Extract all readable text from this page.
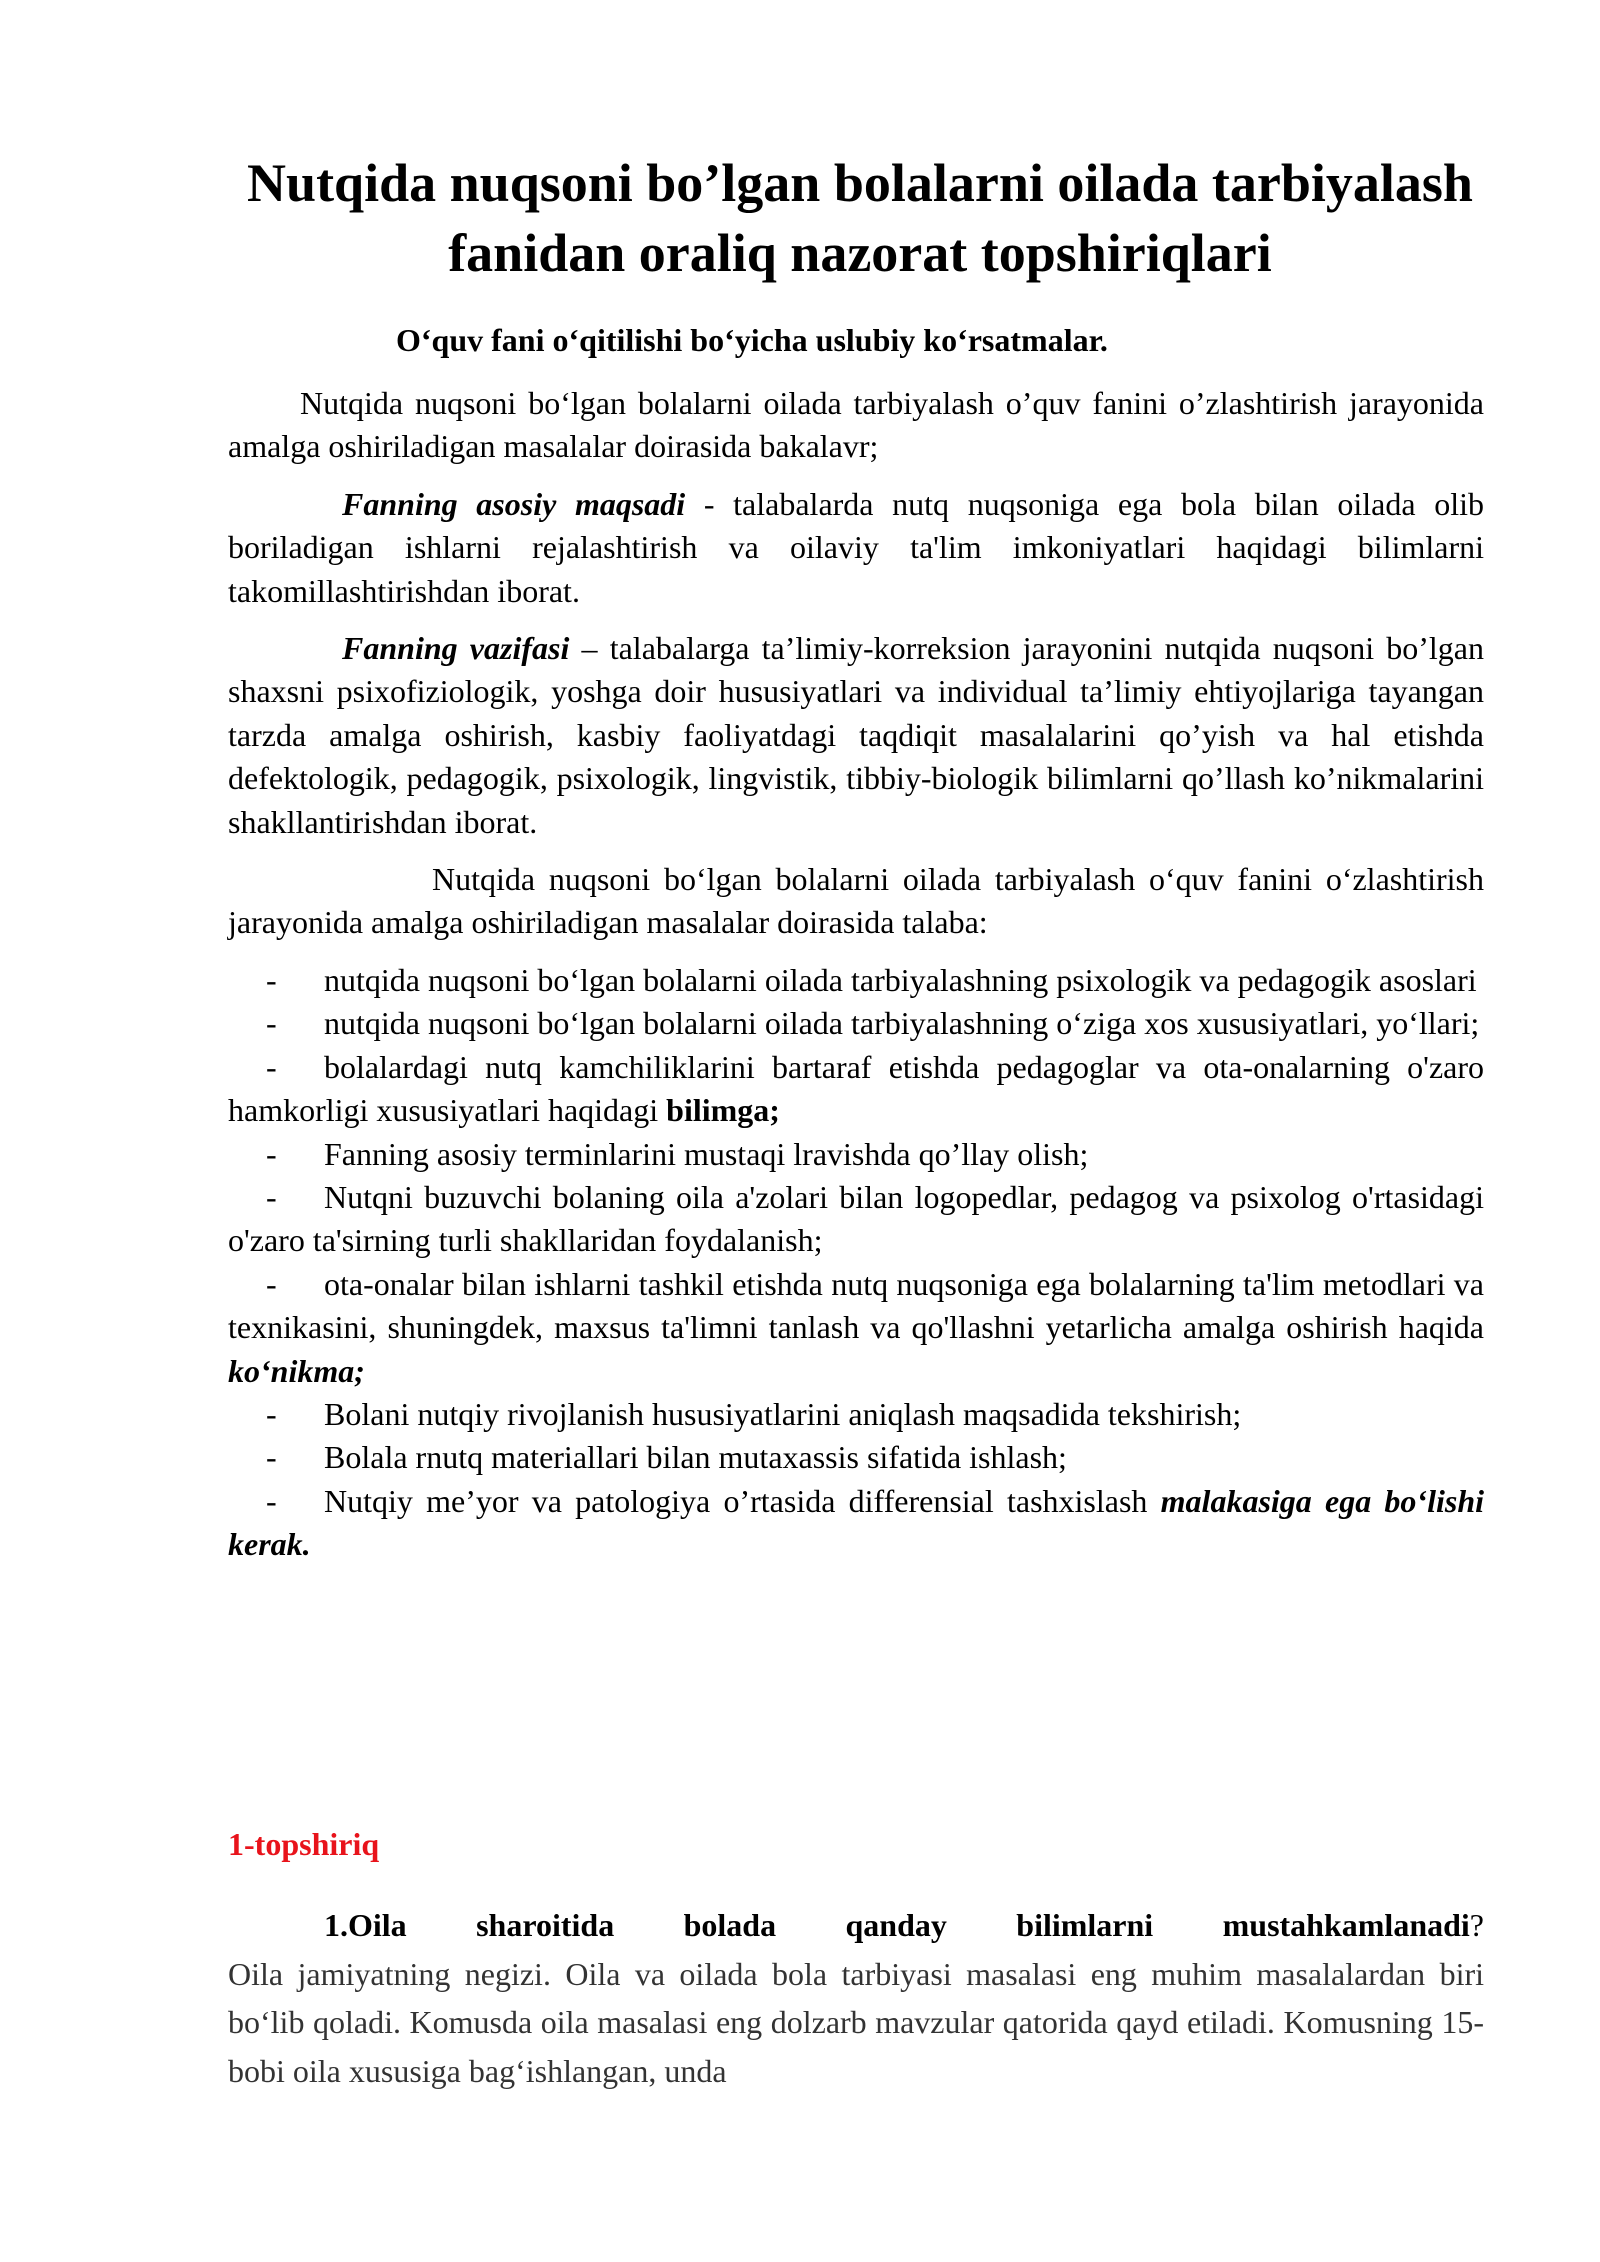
Nutqida nuqsoni bo’lgan bolalarni oilada tarbiyalash fanidan oraliq nazorat topshiriqlari
O‘quv fani o‘qitilishi bo‘yicha uslubiy ko‘rsatmalar.

Nutqida nuqsoni bo‘lgan bolalarni oilada tarbiyalash o’quv fanini o’zlashtirish jarayonida amalga oshiriladigan masalalar doirasida bakalavr;

Fanning asosiy maqsadi - talabalarda nutq nuqsoniga ega bola bilan oilada olib boriladigan ishlarni rejalashtirish va oilaviy ta'lim imkoniyatlari haqidagi bilimlarni takomillashtirishdan iborat.

Fanning vazifasi – talabalarga ta’limiy-korreksion jarayonini nutqida nuqsoni bo’lgan shaxsni psixofiziologik, yoshga doir hususiyatlari va individual ta’limiy ehtiyojlariga tayangan tarzda amalga oshirish, kasbiy faoliyatdagi taqdiqit masalalarini qo’yish va hal etishda defektologik, pedagogik, psixologik, lingvistik, tibbiy-biologik bilimlarni qo’llash ko’nikmalarini shakllantirishdan iborat.

Nutqida nuqsoni bo‘lgan bolalarni oilada tarbiyalash o‘quv fanini o‘zlashtirish jarayonida amalga oshiriladigan masalalar doirasida talaba:

- nutqida nuqsoni bo‘lgan bolalarni oilada tarbiyalashning psixologik va pedagogik asoslari

- nutqida nuqsoni bo‘lgan bolalarni oilada tarbiyalashning o‘ziga xos xususiyatlari, yo‘llari;

- bolalardagi nutq kamchiliklarini bartaraf etishda pedagoglar va ota-onalarning o'zaro hamkorligi xususiyatlari haqidagi bilimga;

- Fanning asosiy terminlarini mustaqi lravishda qo’llay olish;

- Nutqni buzuvchi bolaning oila a'zolari bilan logopedlar, pedagog va psixolog o'rtasidagi o'zaro ta'sirning turli shakllaridan foydalanish;

- ota-onalar bilan ishlarni tashkil etishda nutq nuqsoniga ega bolalarning ta'lim metodlari va texnikasini, shuningdek, maxsus ta'limni tanlash va qo'llashni yetarlicha amalga oshirish haqida ko‘nikma;

- Bolani nutqiy rivojlanish hususiyatlarini aniqlash maqsadida tekshirish;

- Bolala rnutq materiallari bilan mutaxassis sifatida ishlash;

- Nutqiy me’yor va patologiya o’rtasida differensial tashxislash malakasiga ega bo‘lishi kerak.

1-topshiriq

1.Oila sharoitida bolada qanday bilimlarni mustahkamlanadi?

Oila jamiyatning negizi. Oila va oilada bola tarbiyasi masalasi eng muhim masalalardan biri bo‘lib qoladi. Komusda oila masalasi eng dolzarb mavzular qatorida qayd etiladi. Komusning 15-bobi oila xususiga bag‘ishlangan, unda
